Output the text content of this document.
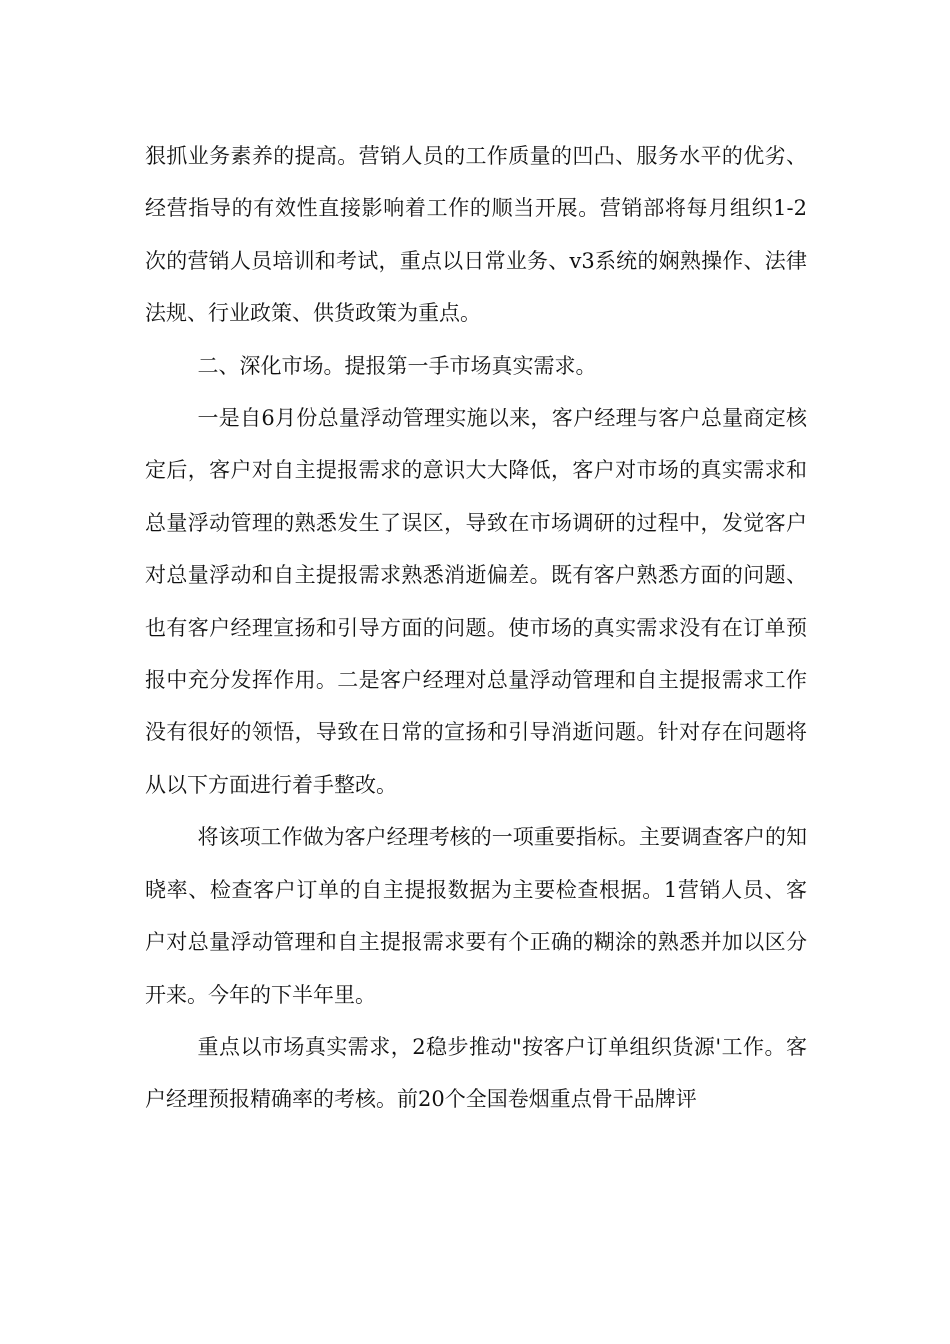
狠抓业务素养的提高。营销人员的工作质量的凹凸、服务水平的优劣、经营指导的有效性直接影响着工作的顺当开展。营销部将每月组织1-2次的营销人员培训和考试，重点以日常业务、v3系统的娴熟操作、法律法规、行业政策、供货政策为重点。

二、深化市场。提报第一手市场真实需求。

一是自6月份总量浮动管理实施以来，客户经理与客户总量商定核定后，客户对自主提报需求的意识大大降低，客户对市场的真实需求和总量浮动管理的熟悉发生了误区，导致在市场调研的过程中，发觉客户对总量浮动和自主提报需求熟悉消逝偏差。既有客户熟悉方面的问题、也有客户经理宣扬和引导方面的问题。使市场的真实需求没有在订单预报中充分发挥作用。二是客户经理对总量浮动管理和自主提报需求工作没有很好的领悟，导致在日常的宣扬和引导消逝问题。针对存在问题将从以下方面进行着手整改。

将该项工作做为客户经理考核的一项重要指标。主要调查客户的知晓率、检查客户订单的自主提报数据为主要检查根据。1营销人员、客户对总量浮动管理和自主提报需求要有个正确的糊涂的熟悉并加以区分开来。今年的下半年里。

重点以市场真实需求，2稳步推动"按客户订单组织货源'工作。客户经理预报精确率的考核。前20个全国卷烟重点骨干品牌评
